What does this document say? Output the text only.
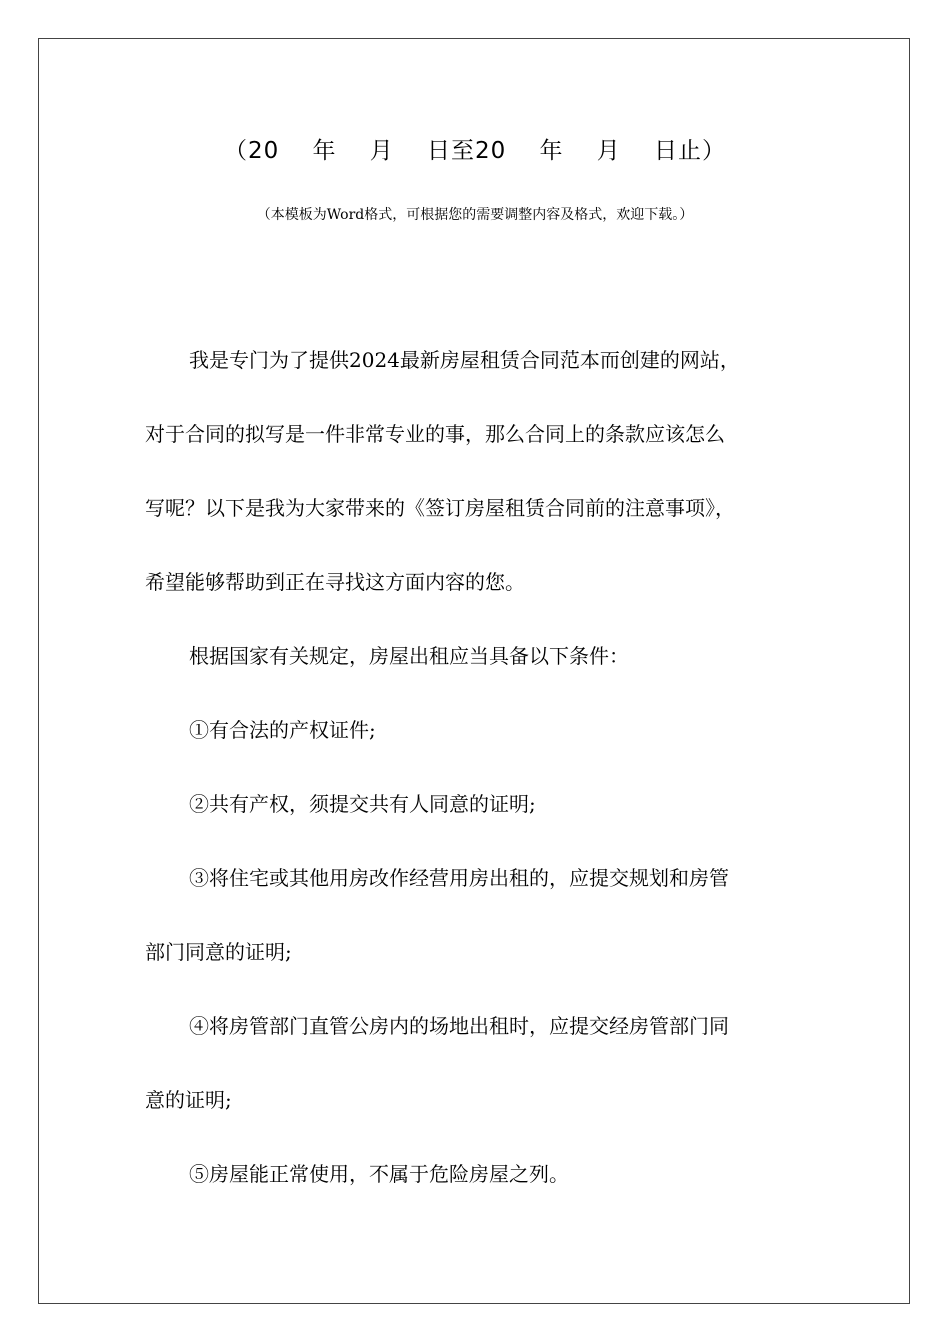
（20    年    月    日至20    年    月    日止）
（本模板为Word格式，可根据您的需要调整内容及格式，欢迎下载。）
我是专门为了提供2024最新房屋租赁合同范本而创建的网站，
对于合同的拟写是一件非常专业的事，那么合同上的条款应该怎么
写呢？以下是我为大家带来的《签订房屋租赁合同前的注意事项》，
希望能够帮助到正在寻找这方面内容的您。
根据国家有关规定，房屋出租应当具备以下条件：
①有合法的产权证件;
②共有产权，须提交共有人同意的证明;
③将住宅或其他用房改作经营用房出租的，应提交规划和房管
部门同意的证明;
④将房管部门直管公房内的场地出租时，应提交经房管部门同
意的证明;
⑤房屋能正常使用，不属于危险房屋之列。
